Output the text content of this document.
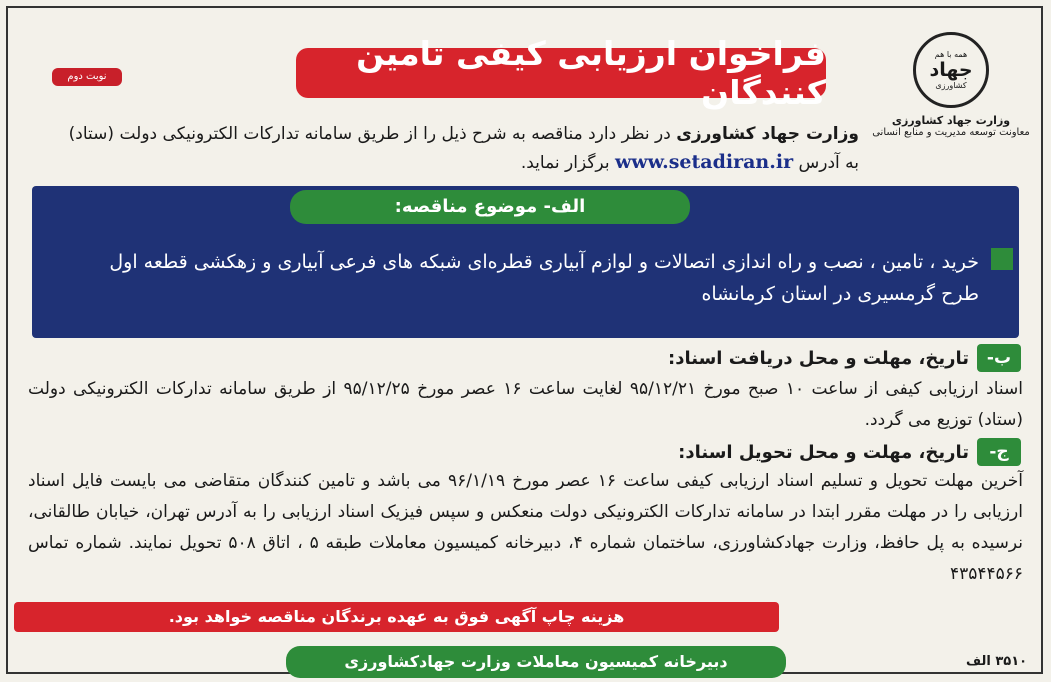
فراخوان ارزیابی کیفی تامین کنندگان
نوبت دوم
همه با هم
جهاد
کشاورزی
وزارت جهاد کشاورزی
معاونت توسعه مدیریت و منابع انسانی
وزارت جهاد کشاورزی در نظر دارد مناقصه به شرح ذیل را از طریق سامانه تدارکات الکترونیکی دولت (ستاد) به آدرس www.setadiran.ir برگزار نماید.
الف- موضوع مناقصه:
خرید ، تامین ، نصب و راه اندازی اتصالات و لوازم آبیاری قطره‌ای شبکه های فرعی آبیاری و زهکشی قطعه اول طرح گرمسیری در استان کرمانشاه
ب-
تاریخ، مهلت و محل دریافت اسناد:
اسناد ارزیابی کیفی از ساعت ۱۰ صبح مورخ ۹۵/۱۲/۲۱ لغایت ساعت ۱۶ عصر مورخ ۹۵/۱۲/۲۵ از طریق سامانه تدارکات الکترونیکی دولت (ستاد) توزیع می گردد.
ج-
تاریخ، مهلت و محل تحویل اسناد:
آخرین مهلت تحویل و تسلیم اسناد ارزیابی کیفی ساعت ۱۶ عصر مورخ ۹۶/۱/۱۹ می باشد و تامین کنندگان متقاضی می بایست فایل اسناد ارزیابی را در مهلت مقرر ابتدا در سامانه تدارکات الکترونیکی دولت منعکس و سپس فیزیک اسناد ارزیابی را به آدرس تهران، خیابان طالقانی، نرسیده به پل حافظ، وزارت جهادکشاورزی، ساختمان شماره ۴، دبیرخانه کمیسیون معاملات طبقه ۵ ، اتاق ۵۰۸ تحویل نمایند. شماره تماس ۴۳۵۴۴۵۶۶
هزینه چاپ آگهی فوق به عهده برندگان مناقصه خواهد بود.
دبیرخانه کمیسیون معاملات وزارت جهادکشاورزی	۳۵۱۰ الف
